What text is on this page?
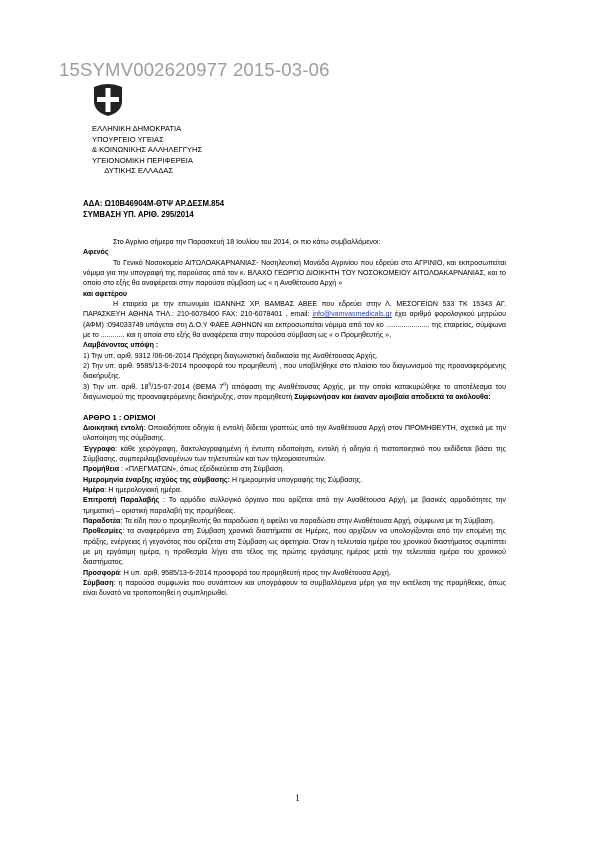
15SYMV002620977 2015-03-06
ΕΛΛΗΝΙΚΗ ΔΗΜΟΚΡΑΤΙΑ
ΥΠΟΥΡΓΕΙΟ ΥΓΕΙΑΣ
& ΚΟΙΝΩΝΙΚΗΣ ΑΛΛΗΛΕΓΓΥΗΣ
ΥΓΕΙΟΝΟΜΙΚΗ ΠΕΡΙΦΕΡΕΙΑ
ΔΥΤΙΚΗΣ ΕΛΛΑΔΑΣ
ΑΔΑ: Ω10Β46904Μ-ΘΤΨ ΑΡ.ΔΕΣΜ.854
ΣΥΜΒΑΣΗ ΥΠ. ΑΡΙΘ. 295/2014

Στο Αγρίνιο σήμερα την Παρασκευή 18 Ιουλίου του 2014, οι πιο κάτω συμβαλλόμενοι:

Αφενός

Το Γενικό Νοσοκομείο ΑΙΤΩΛΟΑΚΑΡΝΑΝΙΑΣ- Νοσηλευτική Μονάδα Αγρινίου που εδρεύει στο ΑΓΡΙΝΙΟ, και εκπροσωπείται νόμιμα για την υπογραφή της παρούσας από τον κ. ΒΛΑΧΟ ΓΕΩΡΓΙΟ ΔΙΟΙΚΗΤΗ ΤΟΥ ΝΟΣΟΚΟΜΕΙΟΥ ΑΙΤΩΛΟΑΚΑΡΝΑΝΙΑΣ, και το οποίο στο εξής θα αναφέρεται στην παρούσα σύμβαση ως « η Αναθέτουσα Αρχή »

και αφετέρου

Η εταιρεία με την επωνυμία ΙΩΑΝΝΗΣ ΧΡ. ΒΑΜΒΑΣ ΑΒΕΕ που εδρεύει στην Λ. ΜΕΣΟΓΕΙΩΝ 533 ΤΚ 15343 ΑΓ. ΠΑΡΑΣΚΕΥΗ ΑΘΗΝΑ ΤΗΛ.: 210-6078400 FAX: 210-6078401 , email: info@vamvasmedicals.gr έχει αριθμό φορολογικού μητρώου (ΑΦΜ) :094033749 υπάγεται στη Δ.Ο.Υ ΦΑΕΕ ΑΘΗΝΩΝ και εκπροσωπείται νόμιμα από τον κο ...................... της εταιρείας, σύμφωνα με το ............ και η οποία στο εξής θα αναφέρεται στην παρούσα σύμβαση ως « ο Προμηθευτής »,

Λαμβάνοντας υπόψη :

1) Την υπ. αριθ. 9312 /06-06-2014 Πρόχειρη διαγωνιστική διαδικασία της Αναθέτουσας Αρχής.

2) Την υπ. αριθ. 9585/13-6-2014 προσφορά του προμηθευτή , που υποβλήθηκε στο πλαίσιο του διαγωνισμού της προαναφερόμενης διακήρυξης.

3) Την υπ. αριθ. $18^\eta/15-07-2014$ (ΘΕΜΑ $7^o$) απόφαση της Αναθέτουσας Αρχής, με την οποία κατακυρώθηκε το αποτέλεσμα του διαγωνισμού της προαναφερόμενης διακήρυξης, στον προμηθευτή Συμφωνήσαν και έκαναν αμοιβαία αποδεκτά τα ακόλουθα:

ΑΡΘΡΟ 1 : ΟΡΙΣΜΟΙ

Διοικητική εντολή: Οποιαδήποτε οδηγία ή εντολή δίδεται γραπτώς από την Αναθέτουσα Αρχή στον ΠΡΟΜΗΘΕΥΤΗ, σχετικά με την υλοποίηση της σύμβασης.

Έγγραφο: κάθε χειρόγραφη, δακτυλογραφημένη ή έντυπη ειδοποίηση, εντολή ή οδηγία ή πιστοποιητικό που εκδίδεται βάσει της Σύμβασης, συμπεριλαμβανομένων των τηλετυπιών και των τηλεομοιοτυπιών.

Προμήθεια : «ΠΛΕΓΜΑΤΩΝ», όπως εξειδικεύεται στη Σύμβαση.

Ημερομηνία έναρξης ισχύος της σύμβασης: Η ημερομηνία υπογραφής της Σύμβασης.

Ημέρα: Η ημερολογιακή ημέρα.

Επιτροπή Παραλαβής : Το αρμόδιο συλλογικό όργανο που ορίζεται από την Αναθέτουσα Αρχή, με βασικές αρμοδιότητες την τμηματική – οριστική παραλαβή της προμήθειας.

Παραδοτέα: Τα είδη που ο προμηθευτής θα παραδώσει ή οφείλει να παραδώσει στην Αναθέτουσα Αρχή, σύμφωνα με τη Σύμβαση.

Προθεσμίες: τα αναφερόμενα στη Σύμβαση χρονικά διαστήματα σε Ημέρες, που αρχίζουν να υπολογίζονται από την επομένη της πράξης, ενέργειας ή γεγονότος που ορίζεται στη Σύμβαση ως αφετηρία. Όταν η τελευταία ημέρα του χρονικού διαστήματος συμπίπτει με μη εργάσιμη ημέρα, η προθεσμία λήγει στο τέλος της πρώτης εργάσιμης ημέρας μετά την τελευταία ημέρα του χρονικού διαστήματος.

Προσφορά: Η υπ. αριθ. 9585/13-6-2014 προσφορά του προμηθευτή προς την Αναθέτουσα Αρχή.

Σύμβαση: η παρούσα συμφωνία που συνάπτουν και υπογράφουν τα συμβαλλόμενα μέρη για την εκτέλεση της προμήθειας, όπως είναι δυνατό να τροποποιηθεί η συμπληρωθεί.

1
